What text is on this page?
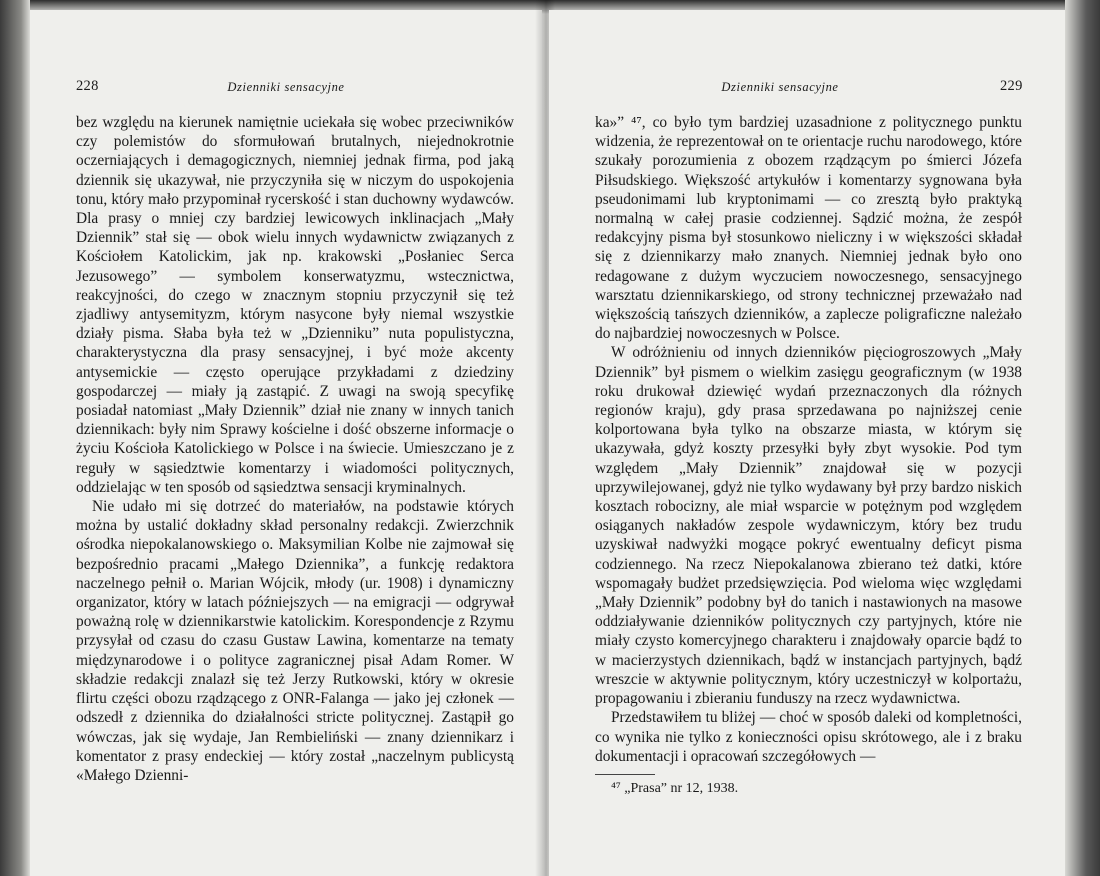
228	Dzienniki sensacyjne

bez względu na kierunek namiętnie uciekała się wobec przeciwników czy polemistów do sformułowań brutalnych, niejednokrotnie oczerniających i demagogicznych, niemniej jednak firma, pod jaką dziennik się ukazywał, nie przyczyniła się w niczym do uspokojenia tonu, który mało przypominał rycerskość i stan duchowny wydawców. Dla prasy o mniej czy bardziej lewicowych inklinacjach „Mały Dziennik” stał się — obok wielu innych wydawnictw związanych z Kościołem Katolickim, jak np. krakowski „Posłaniec Serca Jezusowego” — symbolem konserwatyzmu, wstecznictwa, reakcyjności, do czego w znacznym stopniu przyczynił się też zjadliwy antysemityzm, którym nasycone były niemal wszystkie działy pisma. Słaba była też w „Dzienniku” nuta populistyczna, charakterystyczna dla prasy sensacyjnej, i być może akcenty antysemickie — często operujące przykładami z dziedziny gospodarczej — miały ją zastąpić. Z uwagi na swoją specyfikę posiadał natomiast „Mały Dziennik” dział nie znany w innych tanich dziennikach: były nim Sprawy kościelne i dość obszerne informacje o życiu Kościoła Katolickiego w Polsce i na świecie. Umieszczano je z reguły w sąsiedztwie komentarzy i wiadomości politycznych, oddzielając w ten sposób od sąsiedztwa sensacji kryminalnych.

Nie udało mi się dotrzeć do materiałów, na podstawie których można by ustalić dokładny skład personalny redakcji. Zwierzchnik ośrodka niepokalanowskiego o. Maksymilian Kolbe nie zajmował się bezpośrednio pracami „Małego Dziennika”, a funkcję redaktora naczelnego pełnił o. Marian Wójcik, młody (ur. 1908) i dynamiczny organizator, który w latach późniejszych — na emigracji — odgrywał poważną rolę w dziennikarstwie katolickim. Korespondencje z Rzymu przysyłał od czasu do czasu Gustaw Lawina, komentarze na tematy międzynarodowe i o polityce zagranicznej pisał Adam Romer. W składzie redakcji znalazł się też Jerzy Rutkowski, który w okresie flirtu części obozu rządzącego z ONR-Falanga — jako jej członek — odszedł z dziennika do działalności stricte politycznej. Zastąpił go wówczas, jak się wydaje, Jan Rembieliński — znany dziennikarz i komentator z prasy endeckiej — który został „naczelnym publicystą «Małego Dzienni-

Dzienniki sensacyjne	229

ka»” ⁴⁷, co było tym bardziej uzasadnione z politycznego punktu widzenia, że reprezentował on te orientacje ruchu narodowego, które szukały porozumienia z obozem rządzącym po śmierci Józefa Piłsudskiego. Większość artykułów i komentarzy sygnowana była pseudonimami lub kryptonimami — co zresztą było praktyką normalną w całej prasie codziennej. Sądzić można, że zespół redakcyjny pisma był stosunkowo nieliczny i w większości składał się z dziennikarzy mało znanych. Niemniej jednak było ono redagowane z dużym wyczuciem nowoczesnego, sensacyjnego warsztatu dziennikarskiego, od strony technicznej przeważało nad większością tańszych dzienników, a zaplecze poligraficzne należało do najbardziej nowoczesnych w Polsce.

W odróżnieniu od innych dzienników pięciogroszowych „Mały Dziennik” był pismem o wielkim zasięgu geograficznym (w 1938 roku drukował dziewięć wydań przeznaczonych dla różnych regionów kraju), gdy prasa sprzedawana po najniższej cenie kolportowana była tylko na obszarze miasta, w którym się ukazywała, gdyż koszty przesyłki były zbyt wysokie. Pod tym względem „Mały Dziennik” znajdował się w pozycji uprzywilejowanej, gdyż nie tylko wydawany był przy bardzo niskich kosztach robocizny, ale miał wsparcie w potężnym pod względem osiąganych nakładów zespole wydawniczym, który bez trudu uzyskiwał nadwyżki mogące pokryć ewentualny deficyt pisma codziennego. Na rzecz Niepokalanowa zbierano też datki, które wspomagały budżet przedsięwzięcia. Pod wieloma więc względami „Mały Dziennik” podobny był do tanich i nastawionych na masowe oddziaływanie dzienników politycznych czy partyjnych, które nie miały czysto komercyjnego charakteru i znajdowały oparcie bądź to w macierzystych dziennikach, bądź w instancjach partyjnych, bądź wreszcie w aktywnie politycznym, który uczestniczył w kolportażu, propagowaniu i zbieraniu funduszy na rzecz wydawnictwa.

Przedstawiłem tu bliżej — choć w sposób daleki od kompletności, co wynika nie tylko z konieczności opisu skrótowego, ale i z braku dokumentacji i opracowań szczegółowych —

⁴⁷ „Prasa” nr 12, 1938.
